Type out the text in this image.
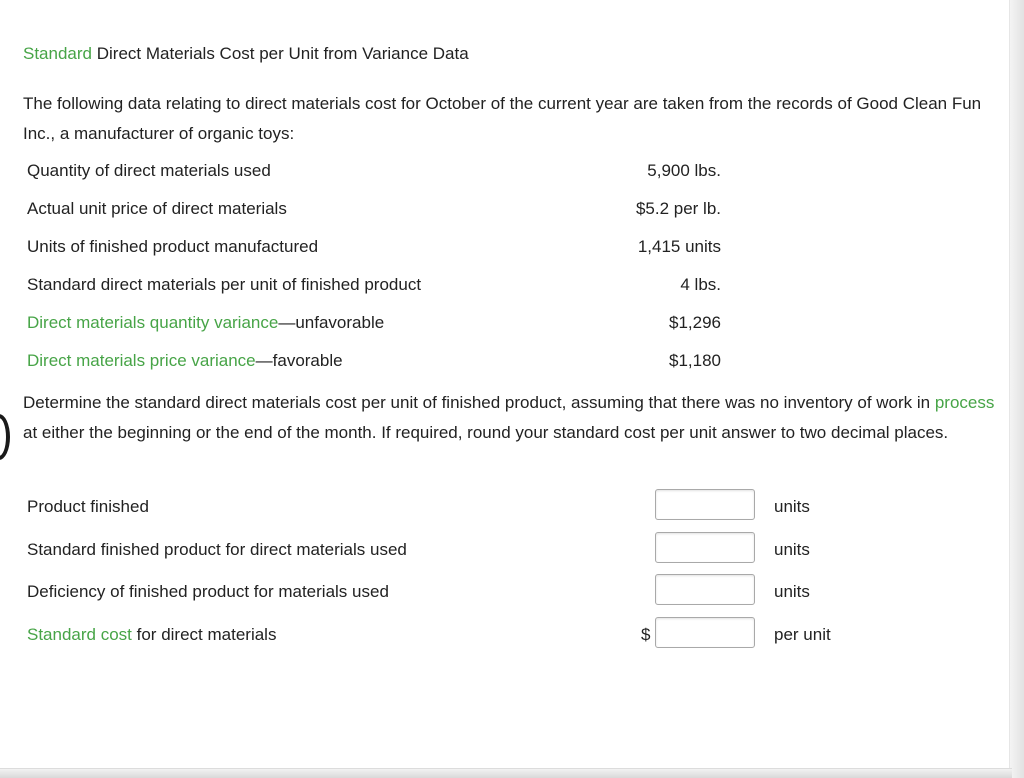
Standard Direct Materials Cost per Unit from Variance Data
The following data relating to direct materials cost for October of the current year are taken from the records of Good Clean Fun Inc., a manufacturer of organic toys:
Quantity of direct materials used	5,900 lbs.
Actual unit price of direct materials	$5.2 per lb.
Units of finished product manufactured	1,415 units
Standard direct materials per unit of finished product	4 lbs.
Direct materials quantity variance—unfavorable	$1,296
Direct materials price variance—favorable	$1,180
Determine the standard direct materials cost per unit of finished product, assuming that there was no inventory of work in process at either the beginning or the end of the month. If required, round your standard cost per unit answer to two decimal places.
Product finished	units
Standard finished product for direct materials used	units
Deficiency of finished product for materials used	units
Standard cost for direct materials	$	per unit
